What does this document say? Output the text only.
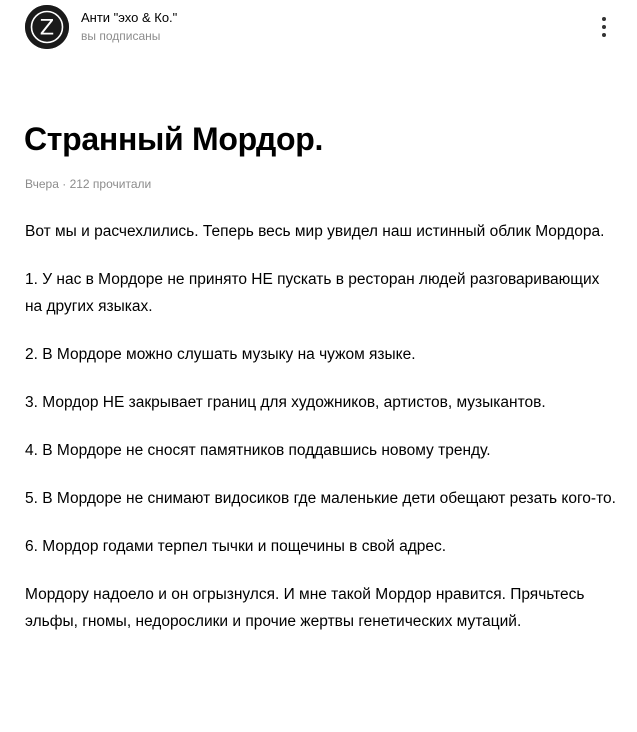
Z Анти "эхо & Ко."
вы подписаны
Странный Мордор.
Вчера · 212 прочитали

Вот мы и расчехлились. Теперь весь мир увидел наш истинный облик Мордора.

1. У нас в Мордоре не принято НЕ пускать в ресторан людей разговаривающих на других языках.

2. В Мордоре можно слушать музыку на чужом языке.

3. Мордор НЕ закрывает границ для художников, артистов, музыкантов.

4. В Мордоре не сносят памятников поддавшись новому тренду.

5. В Мордоре не снимают видосиков где маленькие дети обещают резать кого-то.

6. Мордор годами терпел тычки и пощечины в свой адрес.

Мордору надоело и он огрызнулся. И мне такой Мордор нравится. Прячьтесь эльфы, гномы, недорослики и прочие жертвы генетических мутаций.
